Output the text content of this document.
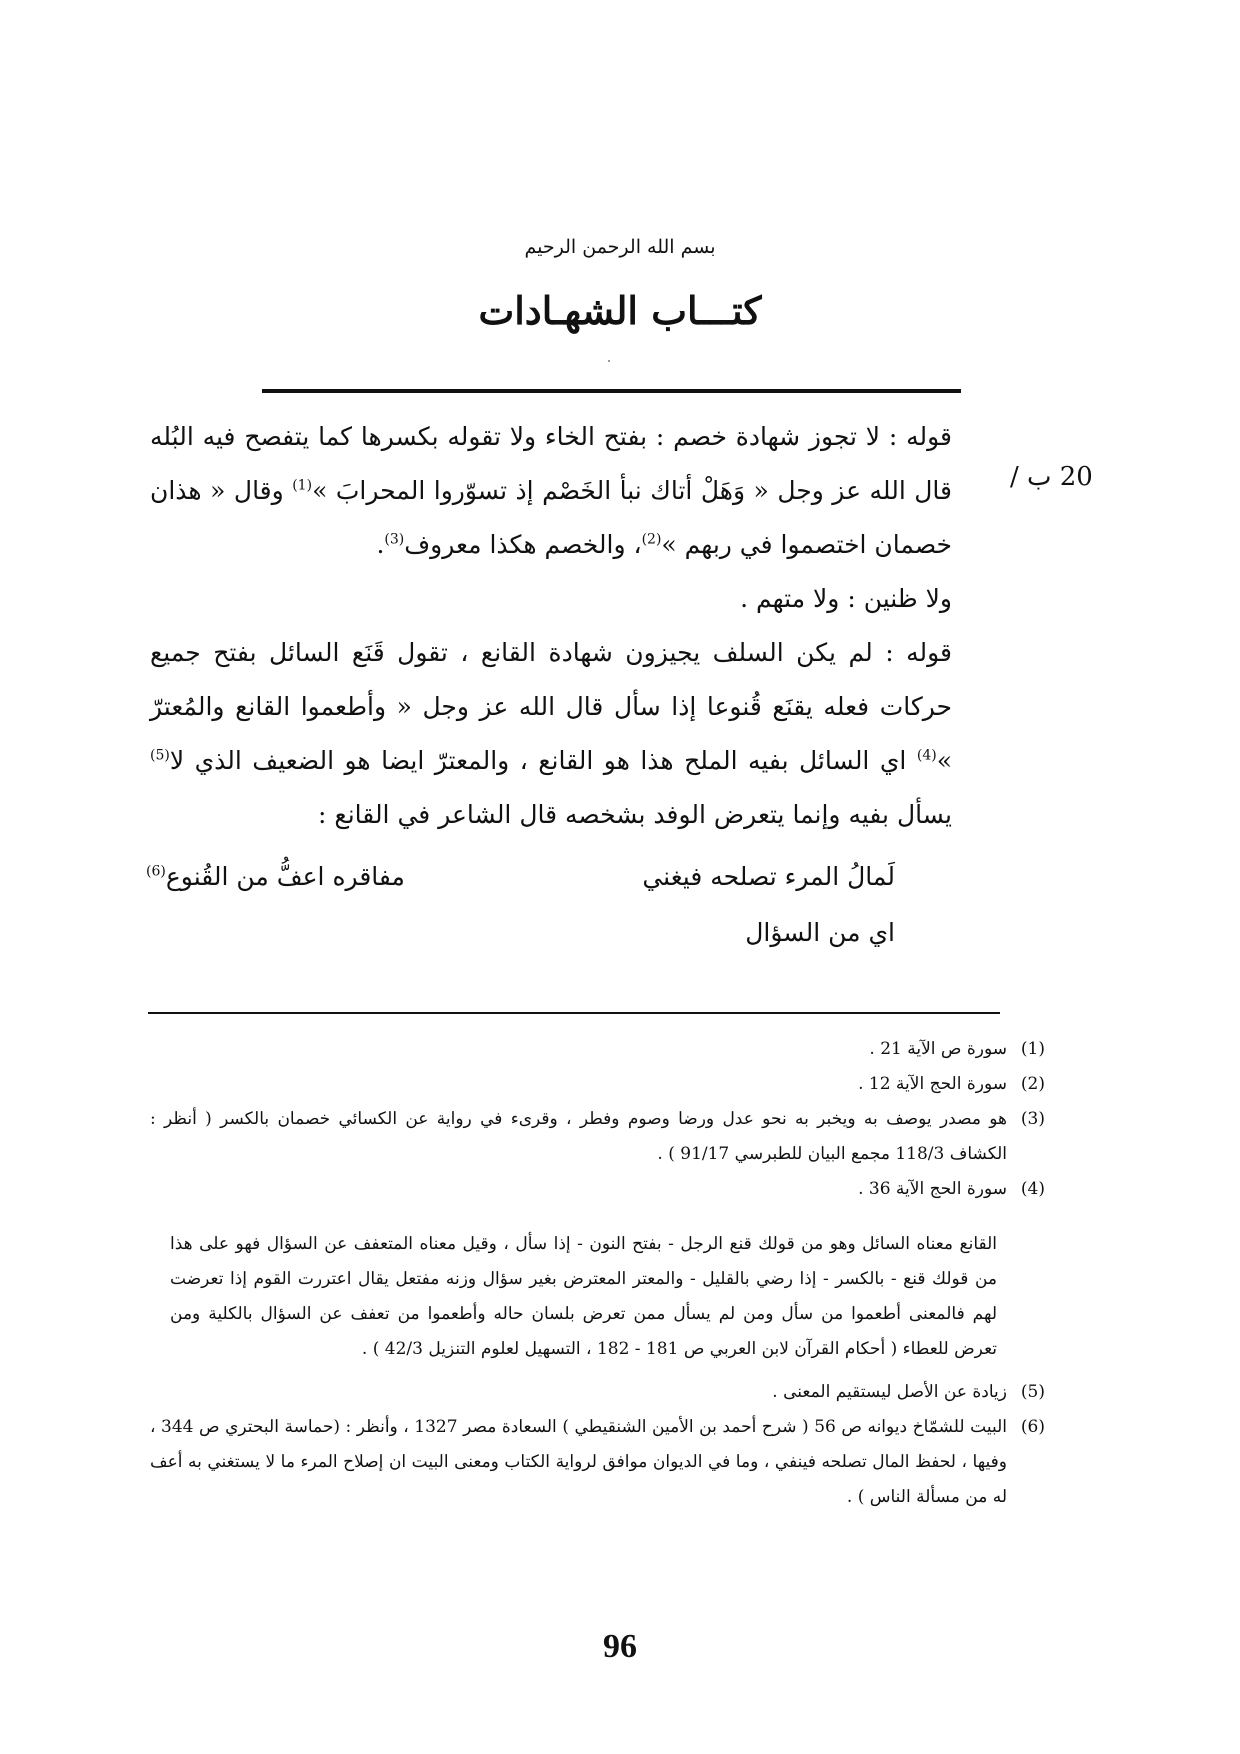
بسم الله الرحمن الرحيم
كتـــاب الشهـادات
20 ب /

قوله : لا تجوز شهادة خصم : بفتح الخاء ولا تقوله بكسرها كما يتفصح فيه البُله قال الله عز وجل « وَهَلْ أتاك نبأ الخَصْم إذ تسوّروا المحرابَ »$^{(1)}$ وقال « هذان خصمان اختصموا في ربهم »$^{(2)}$، والخصم هكذا معروف$^{(3)}$.

ولا ظنين : ولا متهم .

قوله : لم يكن السلف يجيزون شهادة القانع ، تقول قَنَع السائل بفتح جميع حركات فعله يقنَع قُنوعا إذا سأل قال الله عز وجل « وأطعموا القانع والمُعترّ »$^{(4)}$ اي السائل بفيه الملح هذا هو القانع ، والمعترّ ايضا هو الضعيف الذي لا$^{(5)}$ يسأل بفيه وإنما يتعرض الوفد بشخصه قال الشاعر في القانع :

لَمالُ المرء تصلحه فيغني
مفاقره اعفُّ من القُنوع$^{(6)}$
اي من السؤال
(1)
سورة ص الآية 21 .
(2)
سورة الحج الآية 12 .
(3)
هو مصدر يوصف به ويخبر به نحو عدل ورضا وصوم وفطر ، وقرىء في رواية عن الكسائي خصمان بالكسر ( أنظر : الكشاف 118/3 مجمع البيان للطبرسي 91/17 ) .
(4)
سورة الحج الآية 36 .
القانع معناه السائل وهو من قولك قنع الرجل - بفتح النون - إذا سأل ، وقيل معناه المتعفف عن السؤال فهو على هذا من قولك قنع - بالكسر - إذا رضي بالقليل - والمعتر المعترض بغير سؤال وزنه مفتعل يقال اعتررت القوم إذا تعرضت لهم فالمعنى أطعموا من سأل ومن لم يسأل ممن تعرض بلسان حاله وأطعموا من تعفف عن السؤال بالكلية ومن تعرض للعطاء ( أحكام القرآن لابن العربي ص 181 - 182 ، التسهيل لعلوم التنزيل 42/3 ) .
(5)
زيادة عن الأصل ليستقيم المعنى .
(6)
البيت للشمّاخ ديوانه ص 56 ( شرح أحمد بن الأمين الشنقيطي ) السعادة مصر 1327 ، وأنظر : (حماسة البحتري ص 344 ، وفيها ، لحفظ المال تصلحه فينفي ، وما في الديوان موافق لرواية الكتاب ومعنى البيت ان إصلاح المرء ما لا يستغني به أعف له من مسألة الناس ) .
96
